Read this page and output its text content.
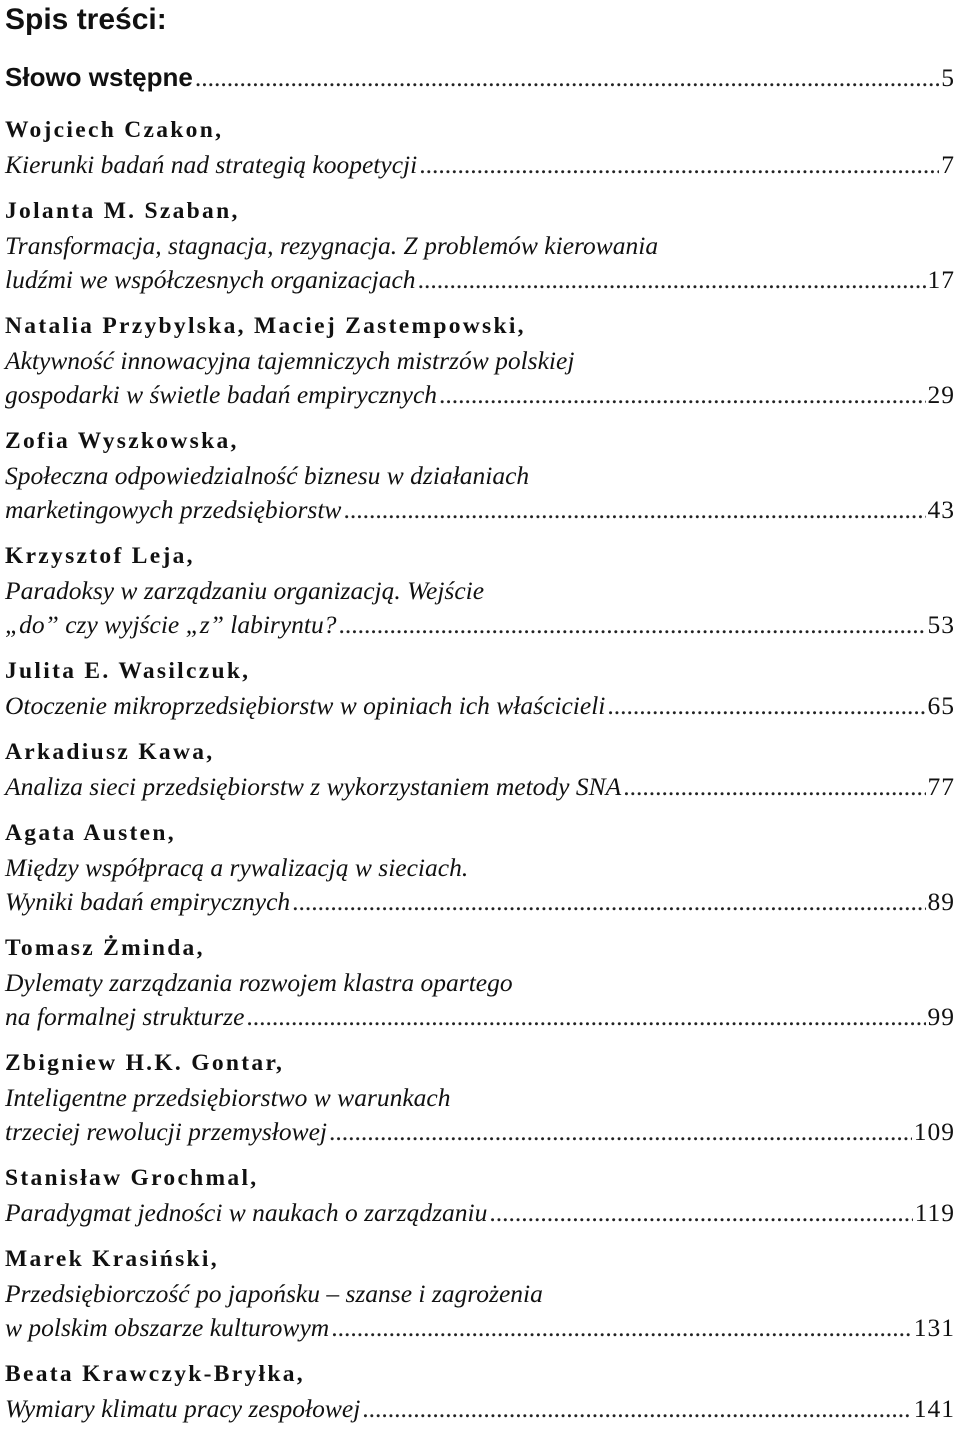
Spis treści:
Słowo wstępne .....	5
Wojciech Czakon,
Kierunki badań nad strategią koopetycji .....	7
Jolanta M. Szaban,
Transformacja, stagnacja, rezygnacja. Z problemów kierowania
ludźmi we współczesnych organizacjach .....	17
Natalia Przybylska, Maciej Zastempowski,
Aktywność innowacyjna tajemniczych mistrzów polskiej
gospodarki w świetle badań empirycznych .....	29
Zofia Wyszkowska,
Społeczna odpowiedzialność biznesu w działaniach
marketingowych przedsiębiorstw .....	43
Krzysztof Leja,
Paradoksy w zarządzaniu organizacją. Wejście
„do” czy wyjście „z” labiryntu? .....	53
Julita E. Wasilczuk,
Otoczenie mikroprzedsiębiorstw w opiniach ich właścicieli .....	65
Arkadiusz Kawa,
Analiza sieci przedsiębiorstw z wykorzystaniem metody SNA .....	77
Agata Austen,
Między współpracą a rywalizacją w sieciach.
Wyniki badań empirycznych .....	89
Tomasz Żminda,
Dylematy zarządzania rozwojem klastra opartego
na formalnej strukturze .....	99
Zbigniew H.K. Gontar,
Inteligentne przedsiębiorstwo w warunkach
trzeciej rewolucji przemysłowej .....	109
Stanisław Grochmal,
Paradygmat jedności w naukach o zarządzaniu .....	119
Marek Krasiński,
Przedsiębiorczość po japońsku – szanse i zagrożenia
w polskim obszarze kulturowym .....	131
Beata Krawczyk-Bryłka,
Wymiary klimatu pracy zespołowej .....	141
